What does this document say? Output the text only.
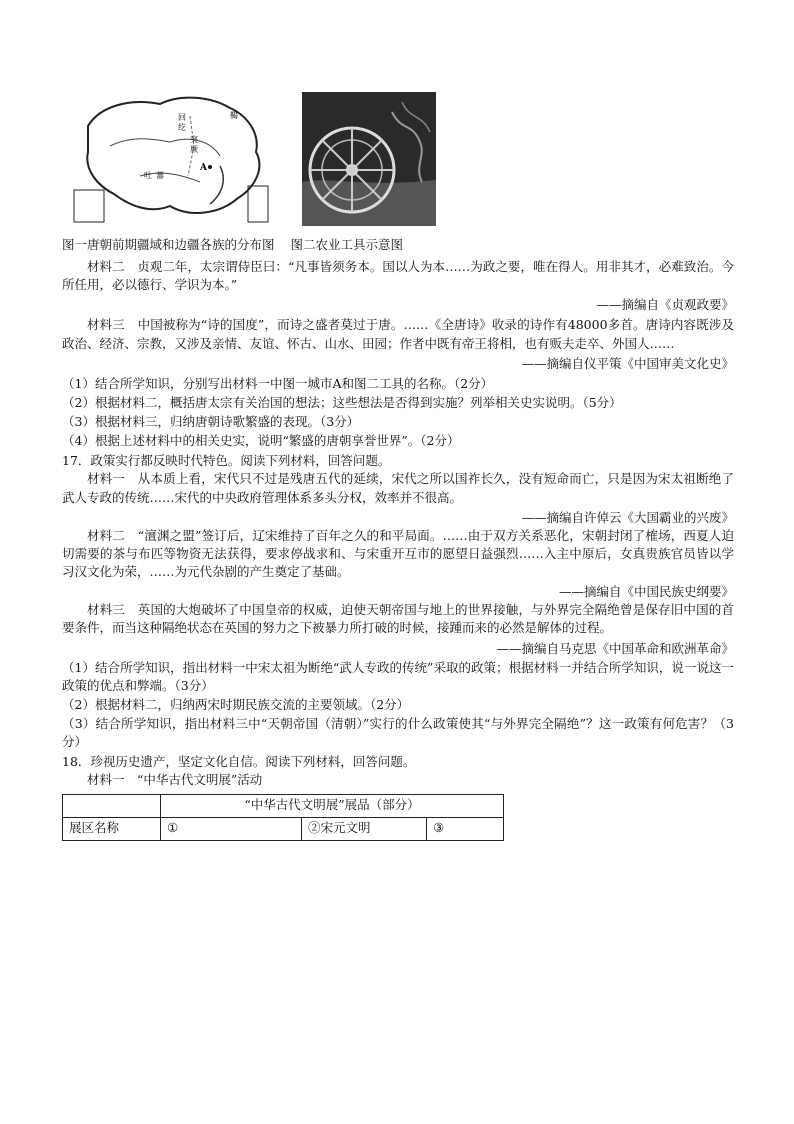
回
纥
鞨
突
厥
吐 蕃
A
图一唐朝前期疆域和边疆各族的分布图 图二农业工具示意图

材料二　贞观二年，太宗谓侍臣曰：“凡事皆须务本。国以人为本……为政之要，唯在得人。用非其才，必难致治。今所任用，必以德行、学识为本。”

——摘编自《贞观政要》

材料三　中国被称为“诗的国度”，而诗之盛者莫过于唐。……《全唐诗》收录的诗作有48000多首。唐诗内容既涉及政治、经济、宗教，又涉及亲情、友谊、怀古、山水、田园；作者中既有帝王将相，也有贩夫走卒、外国人……

——摘编自仪平策《中国审美文化史》

（1）结合所学知识，分别写出材料一中图一城市A和图二工具的名称。（2分）

（2）根据材料二，概括唐太宗有关治国的想法；这些想法是否得到实施？列举相关史实说明。（5分）

（3）根据材料三，归纳唐朝诗歌繁盛的表现。（3分）

（4）根据上述材料中的相关史实，说明“繁盛的唐朝享誉世界”。（2分）

17．政策实行都反映时代特色。阅读下列材料，回答问题。

材料一　从本质上看，宋代只不过是残唐五代的延续，宋代之所以国祚长久，没有短命而亡，只是因为宋太祖断绝了武人专政的传统……宋代的中央政府管理体系多头分权，效率并不很高。

——摘编自许倬云《大国霸业的兴废》

材料二　“澶渊之盟”签订后，辽宋维持了百年之久的和平局面。……由于双方关系恶化，宋朝封闭了榷场，西夏人迫切需要的茶与布匹等物资无法获得，要求停战求和、与宋重开互市的愿望日益强烈……入主中原后，女真贵族官员皆以学习汉文化为荣，……为元代杂剧的产生奠定了基础。

——摘编自《中国民族史纲要》

材料三　英国的大炮破坏了中国皇帝的权威，迫使天朝帝国与地上的世界接触，与外界完全隔绝曾是保存旧中国的首要条件，而当这种隔绝状态在英国的努力之下被暴力所打破的时候，接踵而来的必然是解体的过程。

——摘编自马克思《中国革命和欧洲革命》

（1）结合所学知识，指出材料一中宋太祖为断绝“武人专政的传统”采取的政策；根据材料一并结合所学知识，说一说这一政策的优点和弊端。（3分）

（2）根据材料二，归纳两宋时期民族交流的主要领域。（2分）

（3）结合所学知识，指出材料三中“天朝帝国（清朝）”实行的什么政策使其“与外界完全隔绝”？这一政策有何危害？（3分）

18．珍视历史遗产，坚定文化自信。阅读下列材料，回答问题。

材料一　“中华古代文明展”活动

	“中华古代文明展”展品（部分）		
展区名称	①	②宋元文明	③
